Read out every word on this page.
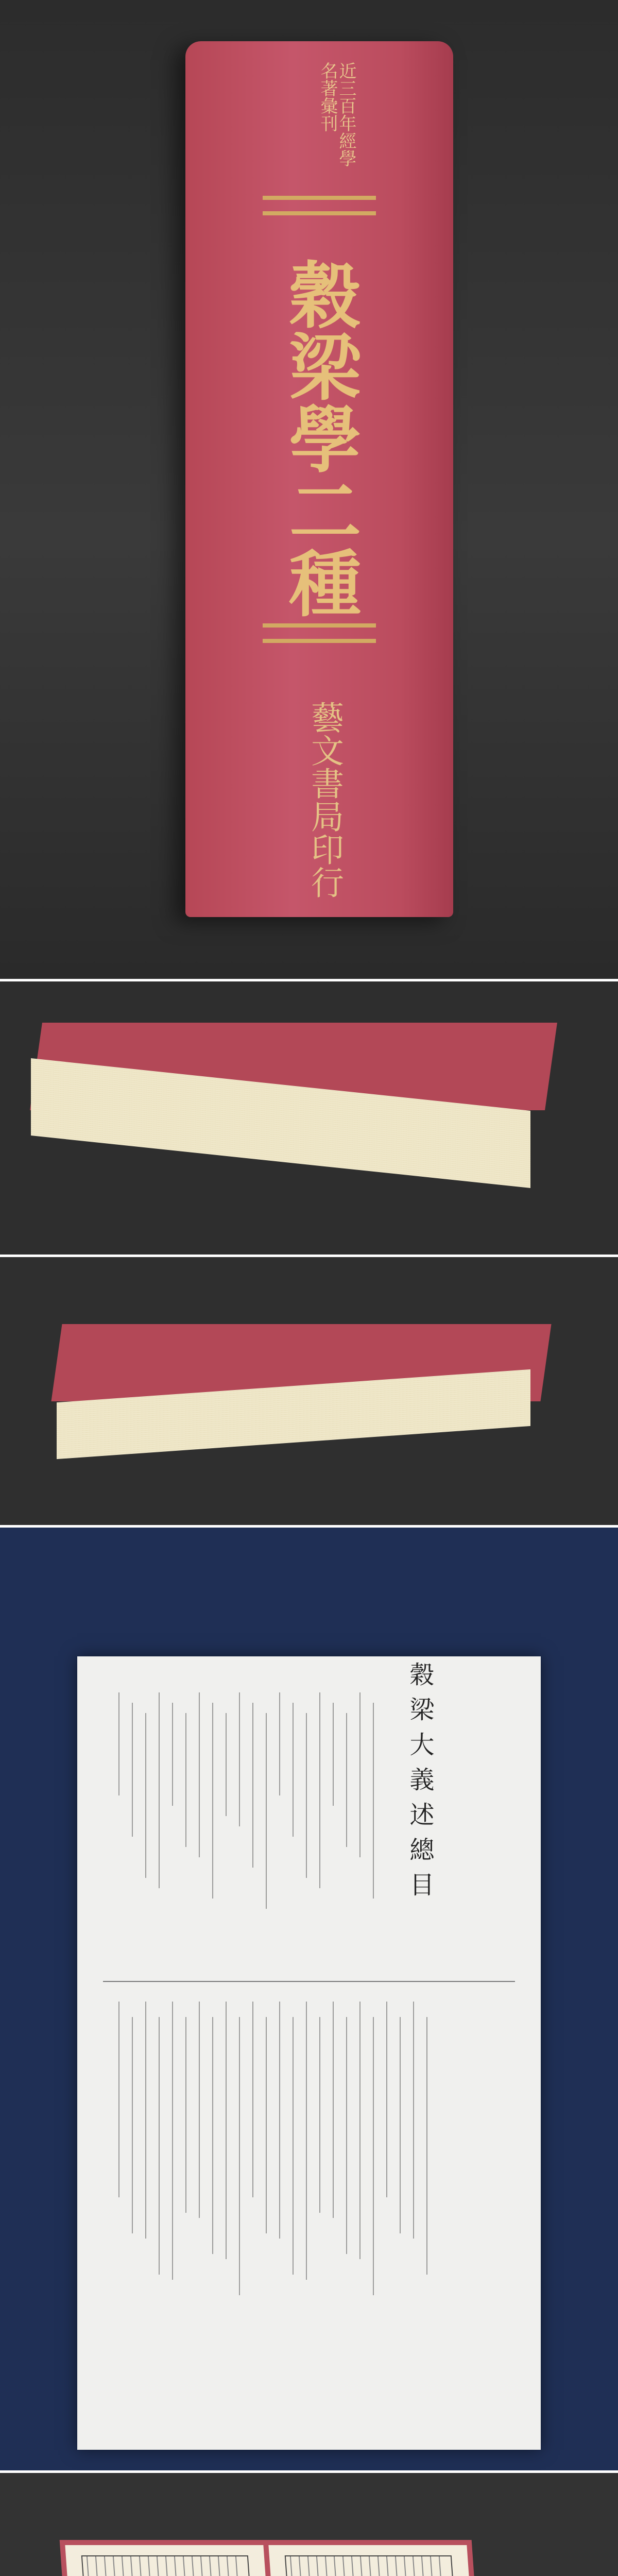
近三百年經學名著彙刊
穀梁學二種
藝文書局印行
穀梁大義述總目
